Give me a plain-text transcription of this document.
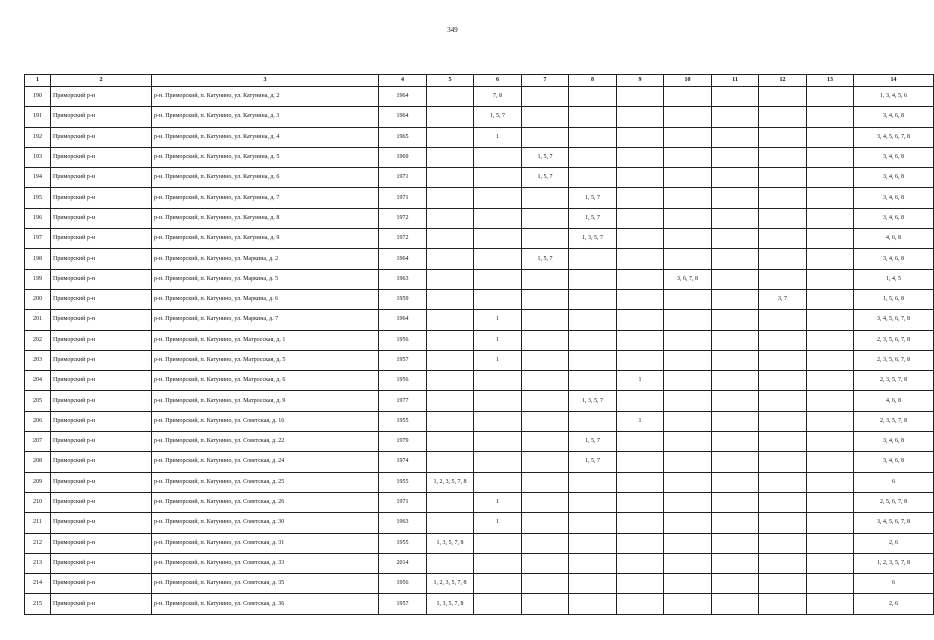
349
1	2	3	4	5	6	7	8	9	10	11	12	13	14
190	Приморский р-н	р-н. Приморский, п. Катунино, ул. Катунина, д. 2	1964		7, 8								1, 3, 4, 5, 6
191	Приморский р-н	р-н. Приморский, п. Катунино, ул. Катунина, д. 3	1964		1, 5, 7								3, 4, 6, 8
192	Приморский р-н	р-н. Приморский, п. Катунино, ул. Катунина, д. 4	1965		1								3, 4, 5, 6, 7, 8
193	Приморский р-н	р-н. Приморский, п. Катунино, ул. Катунина, д. 5	1969			1, 5, 7							3, 4, 6, 8
194	Приморский р-н	р-н. Приморский, п. Катунино, ул. Катунина, д. 6	1971			1, 5, 7							3, 4, 6, 8
195	Приморский р-н	р-н. Приморский, п. Катунино, ул. Катунина, д. 7	1971				1, 5, 7						3, 4, 6, 8
196	Приморский р-н	р-н. Приморский, п. Катунино, ул. Катунина, д. 8	1972				1, 5, 7						3, 4, 6, 8
197	Приморский р-н	р-н. Приморский, п. Катунино, ул. Катунина, д. 9	1972				1, 3, 5, 7						4, 6, 8
198	Приморский р-н	р-н. Приморский, п. Катунино, ул. Маркина, д. 2	1964			1, 5, 7							3, 4, 6, 8
199	Приморский р-н	р-н. Приморский, п. Катунино, ул. Маркина, д. 5	1963						3, 6, 7, 8				1, 4, 5
200	Приморский р-н	р-н. Приморский, п. Катунино, ул. Маркина, д. 6	1959								3, 7		1, 5, 6, 8
201	Приморский р-н	р-н. Приморский, п. Катунино, ул. Маркина, д. 7	1964		1								3, 4, 5, 6, 7, 8
202	Приморский р-н	р-н. Приморский, п. Катунино, ул. Матросская, д. 1	1956		1								2, 3, 5, 6, 7, 8
203	Приморский р-н	р-н. Приморский, п. Катунино, ул. Матросская, д. 5	1957		1								2, 3, 5, 6, 7, 8
204	Приморский р-н	р-н. Приморский, п. Катунино, ул. Матросская, д. 6	1956					1					2, 3, 5, 7, 8
205	Приморский р-н	р-н. Приморский, п. Катунино, ул. Матросская, д. 9	1977				1, 3, 5, 7						4, 6, 8
206	Приморский р-н	р-н. Приморский, п. Катунино, ул. Советская, д. 16	1955					1					2, 3, 5, 7, 8
207	Приморский р-н	р-н. Приморский, п. Катунино, ул. Советская, д. 22	1979				1, 5, 7						3, 4, 6, 8
208	Приморский р-н	р-н. Приморский, п. Катунино, ул. Советская, д. 24	1974				1, 5, 7						3, 4, 6, 8
209	Приморский р-н	р-н. Приморский, п. Катунино, ул. Советская, д. 25	1955	1, 2, 3, 5, 7, 8									6
210	Приморский р-н	р-н. Приморский, п. Катунино, ул. Советская, д. 26	1971		1								2, 5, 6, 7, 8
211	Приморский р-н	р-н. Приморский, п. Катунино, ул. Советская, д. 30	1963		1								3, 4, 5, 6, 7, 8
212	Приморский р-н	р-н. Приморский, п. Катунино, ул. Советская, д. 31	1955	1, 3, 5, 7, 8									2, 6
213	Приморский р-н	р-н. Приморский, п. Катунино, ул. Советская, д. 33	2014										1, 2, 3, 5, 7, 8
214	Приморский р-н	р-н. Приморский, п. Катунино, ул. Советская, д. 35	1956	1, 2, 3, 5, 7, 8									6
215	Приморский р-н	р-н. Приморский, п. Катунино, ул. Советская, д. 36	1957	1, 3, 5, 7, 8									2, 6
